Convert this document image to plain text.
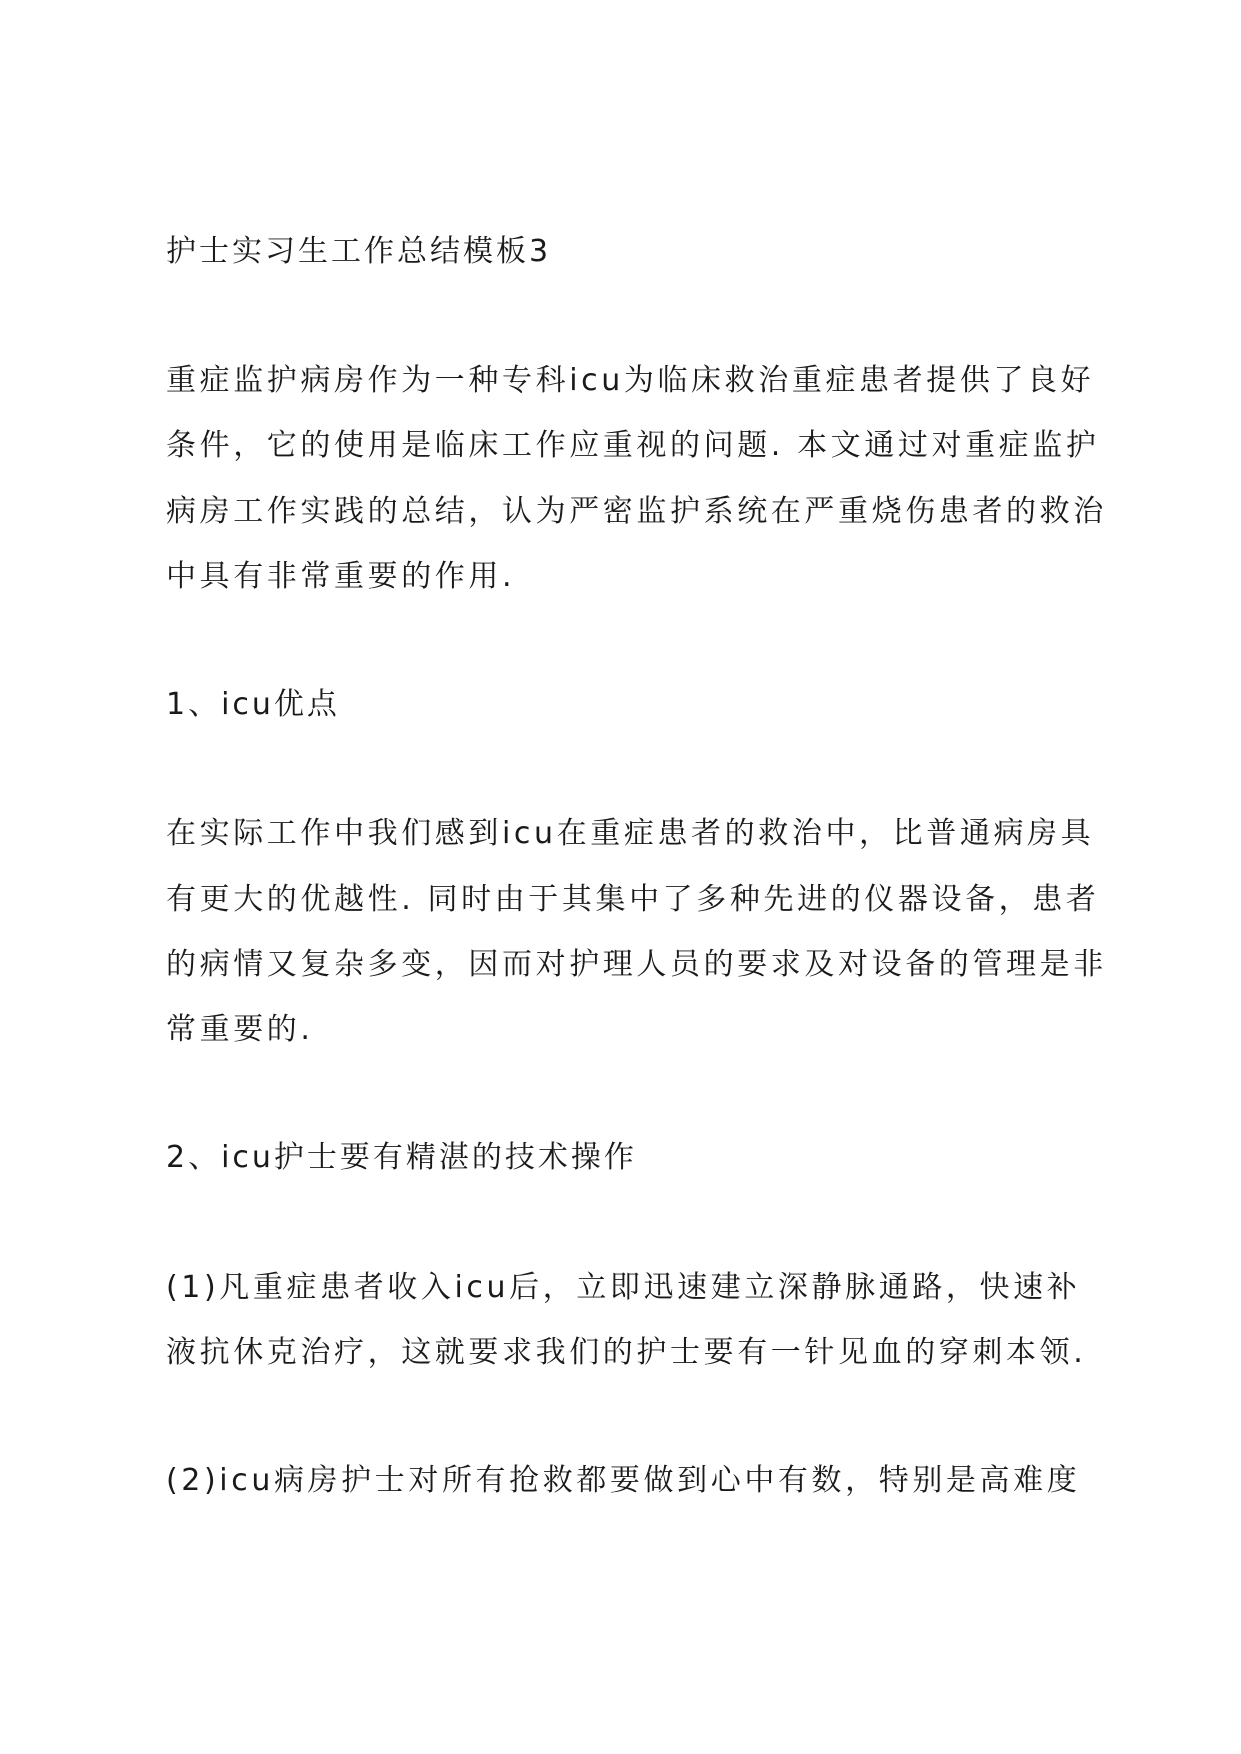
护士实习生工作总结模板3
重症监护病房作为一种专科icu为临床救治重症患者提供了良好
条件，它的使用是临床工作应重视的问题. 本文通过对重症监护
病房工作实践的总结，认为严密监护系统在严重烧伤患者的救治
中具有非常重要的作用.
1、icu优点
在实际工作中我们感到icu在重症患者的救治中，比普通病房具
有更大的优越性. 同时由于其集中了多种先进的仪器设备，患者
的病情又复杂多变，因而对护理人员的要求及对设备的管理是非
常重要的.
2、icu护士要有精湛的技术操作
(1)凡重症患者收入icu后，立即迅速建立深静脉通路，快速补
液抗休克治疗，这就要求我们的护士要有一针见血的穿刺本领.
(2)icu病房护士对所有抢救都要做到心中有数，特别是高难度
